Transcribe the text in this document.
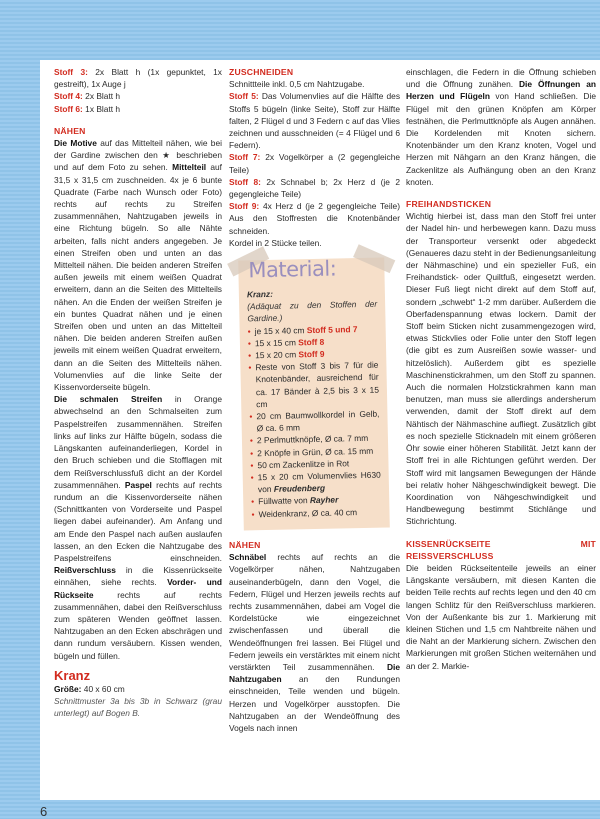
Stoff 3: 2x Blatt h (1x gepunktet, 1x gestreift), 1x Auge j

Stoff 4: 2x Blatt h

Stoff 6: 1x Blatt h

NÄHEN

Die Motive auf das Mittelteil nähen, wie bei der Gardine zwischen den ★ beschrieben und auf dem Foto zu sehen. Mittelteil auf 31,5 x 31,5 cm zuschneiden. 4x je 6 bunte Quadrate (Farbe nach Wunsch oder Foto) rechts auf rechts zu Streifen zusammennähen, Nahtzugaben jeweils in eine Richtung bügeln. So alle Nähte arbeiten, falls nicht anders angegeben. Je einen Streifen oben und unten an das Mittelteil nähen. Die beiden anderen Streifen außen jeweils mit einem weißen Quadrat erweitern, dann an die Seiten des Mittelteils nähen. An die Enden der weißen Streifen je ein buntes Quadrat nähen und je einen Streifen oben und unten an das Mittelteil nähen. Die beiden anderen Streifen außen jeweils mit einem weißen Quadrat erweitern, dann an die Seiten des Mittelteils nähen. Volumenvlies auf die linke Seite der Kissenvorderseite bügeln.

Die schmalen Streifen in Orange abwechselnd an den Schmalseiten zum Paspelstreifen zusammennähen. Streifen links auf links zur Hälfte bügeln, sodass die Längskanten aufeinanderliegen, Kordel in den Bruch schieben und die Stofflagen mit dem Reißverschlussfuß dicht an der Kordel zusammennähen. Paspel rechts auf rechts rundum an die Kissenvorderseite nähen (Schnittkanten von Vorderseite und Paspel liegen dabei aufeinander). Am Anfang und am Ende den Paspel nach außen auslaufen lassen, an den Ecken die Nahtzugabe des Paspelstreifens einschneiden. Reißverschluss in die Kissenrückseite einnähen, siehe rechts. Vorder- und Rückseite rechts auf rechts zusammennähen, dabei den Reißverschluss zum späteren Wenden geöffnet lassen. Nahtzugaben an den Ecken abschrägen und dann rundum versäubern. Kissen wenden, bügeln und füllen.

Kranz

Größe: 40 x 60 cm

Schnittmuster 3a bis 3b in Schwarz (grau unterlegt) auf Bogen B.

ZUSCHNEIDEN

Schnittteile inkl. 0,5 cm Nahtzugabe.

Stoff 5: Das Volumenvlies auf die Hälfte des Stoffs 5 bügeln (linke Seite), Stoff zur Hälfte falten, 2 Flügel d und 3 Federn c auf das Vlies zeichnen und ausschneiden (= 4 Flügel und 6 Federn).

Stoff 7: 2x Vogelkörper a (2 gegengleiche Teile)

Stoff 8: 2x Schnabel b; 2x Herz d (je 2 gegengleiche Teile)

Stoff 9: 4x Herz d (je 2 gegengleiche Teile) Aus den Stoffresten die Knotenbänder schneiden.

Kordel in 2 Stücke teilen.

Material:

Kranz:

(Adäquat zu den Stoffen der Gardine.)

• je 15 x 40 cm Stoff 5 und 7
• 15 x 15 cm Stoff 8
• 15 x 20 cm Stoff 9
• Reste von Stoff 3 bis 7 für die Knotenbänder, ausreichend für ca. 17 Bänder à 2,5 bis 3 x 15 cm
• 20 cm Baumwollkordel in Gelb, Ø ca. 6 mm
• 2 Perlmuttknöpfe, Ø ca. 7 mm
• 2 Knöpfe in Grün, Ø ca. 15 mm
• 50 cm Zackenlitze in Rot
• 15 x 20 cm Volumenvlies H630 von Freudenberg
• Füllwatte von Rayher
• Weidenkranz, Ø ca. 40 cm
NÄHEN

Schnäbel rechts auf rechts an die Vogelkörper nähen, Nahtzugaben auseinanderbügeln, dann den Vogel, die Federn, Flügel und Herzen jeweils rechts auf rechts zusammennähen, dabei am Vogel die Kordelstücke wie eingezeichnet zwischenfassen und überall die Wendeöffnungen frei lassen. Bei Flügel und Federn jeweils ein verstärktes mit einem nicht verstärkten Teil zusammennähen. Die Nahtzugaben an den Rundungen einschneiden, Teile wenden und bügeln. Herzen und Vogelkörper ausstopfen. Die Nahtzugaben an der Wendeöffnung des Vogels nach innen

einschlagen, die Federn in die Öffnung schieben und die Öffnung zunähen. Die Öffnungen an Herzen und Flügeln von Hand schließen. Die Flügel mit den grünen Knöpfen am Körper festnähen, die Perlmuttknöpfe als Augen annähen. Die Kordelenden mit Knoten sichern. Knotenbänder um den Kranz knoten, Vogel und Herzen mit Nähgarn an den Kranz hängen, die Zackenlitze als Aufhängung oben an den Kranz knoten.

FREIHANDSTICKEN

Wichtig hierbei ist, dass man den Stoff frei unter der Nadel hin- und herbewegen kann. Dazu muss der Transporteur versenkt oder abgedeckt (Genaueres dazu steht in der Bedienungsanleitung der Nähmaschine) und ein spezieller Fuß, ein Freihandstick- oder Quiltfuß, eingesetzt werden. Dieser Fuß liegt nicht direkt auf dem Stoff auf, sondern „schwebt“ 1-2 mm darüber. Außerdem die Oberfadenspannung etwas lockern. Damit der Stoff beim Sticken nicht zusammengezogen wird, etwas Stickvlies oder Folie unter den Stoff legen (die gibt es zum Ausreißen sowie wasser- und hitzelöslich). Außerdem gibt es spezielle Maschinenstickrahmen, um den Stoff zu spannen. Auch die normalen Holzstickrahmen kann man benutzen, man muss sie allerdings andersherum verwenden, damit der Stoff direkt auf dem Nähtisch der Nähmaschine aufliegt. Zusätzlich gibt es noch spezielle Sticknadeln mit einem größeren Öhr sowie einer höheren Stabilität. Jetzt kann der Stoff frei in alle Richtungen geführt werden. Der Stoff wird mit langsamen Bewegungen der Hände bei relativ hoher Nähgeschwindigkeit bewegt. Die Koordination von Nähgeschwindigkeit und Handbewegung bestimmt Stichlänge und Stichrichtung.

KISSENRÜCKSEITE MIT REISSVERSCHLUSS

Die beiden Rückseitenteile jeweils an einer Längskante versäubern, mit diesen Kanten die beiden Teile rechts auf rechts legen und den 40 cm langen Schlitz für den Reißverschluss markieren. Von der Außenkante bis zur 1. Markierung mit kleinen Stichen und 1,5 cm Nahtbreite nähen und die Naht an der Markierung sichern. Zwischen den Markierungen mit großen Stichen weiternähen und an der 2. Markie-

6
PassionForum.ru
